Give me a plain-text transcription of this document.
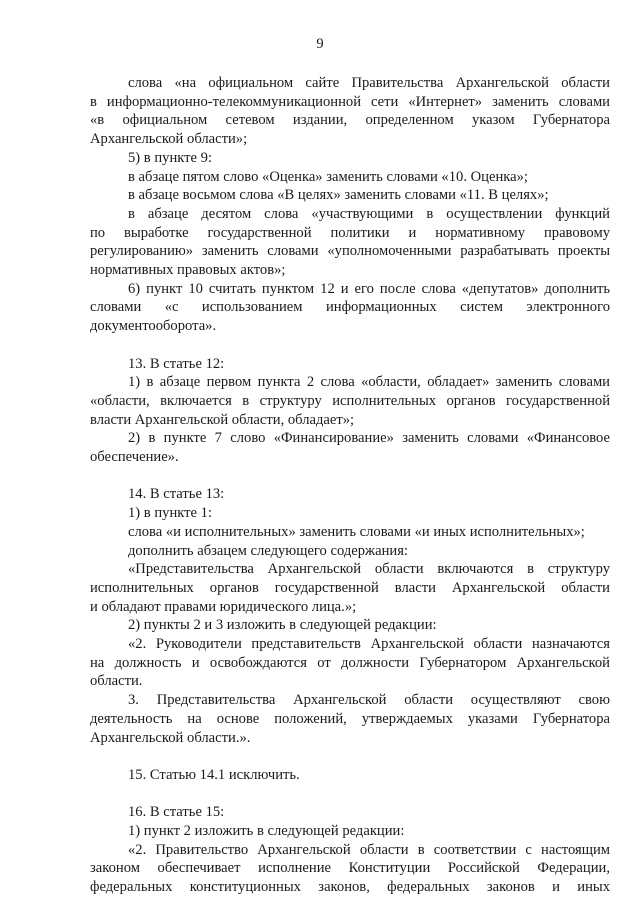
9

слова «на официальном сайте Правительства Архангельской области

в информационно-телекоммуникационной сети «Интернет» заменить словами

«в официальном сетевом издании, определенном указом Губернатора

Архангельской области»;

5) в пункте 9:

в абзаце пятом слово «Оценка» заменить словами «10. Оценка»;

в абзаце восьмом слова «В целях» заменить словами «11. В целях»;

в абзаце десятом слова «участвующими в осуществлении функций

по выработке государственной политики и нормативному правовому

регулированию» заменить словами «уполномоченными разрабатывать проекты

нормативных правовых актов»;

6) пункт 10 считать пунктом 12 и его после слова «депутатов» дополнить

словами «с использованием информационных систем электронного

документооборота».

13. В статье 12:

1) в абзаце первом пункта 2 слова «области, обладает» заменить словами

«области, включается в структуру исполнительных органов государственной

власти Архангельской области, обладает»;

2) в пункте 7 слово «Финансирование» заменить словами «Финансовое

обеспечение».

14. В статье 13:

1) в пункте 1:

слова «и исполнительных» заменить словами «и иных исполнительных»;

дополнить абзацем следующего содержания:

«Представительства Архангельской области включаются в структуру

исполнительных органов государственной власти Архангельской области

и обладают правами юридического лица.»;

2) пункты 2 и 3 изложить в следующей редакции:

«2. Руководители представительств Архангельской области назначаются

на должность и освобождаются от должности Губернатором Архангельской

области.

3. Представительства Архангельской области осуществляют свою

деятельность на основе положений, утверждаемых указами Губернатора

Архангельской области.».

15. Статью 14.1 исключить.

16. В статье 15:

1) пункт 2 изложить в следующей редакции:

«2. Правительство Архангельской области в соответствии с настоящим

законом обеспечивает исполнение Конституции Российской Федерации,

федеральных конституционных законов, федеральных законов и иных
